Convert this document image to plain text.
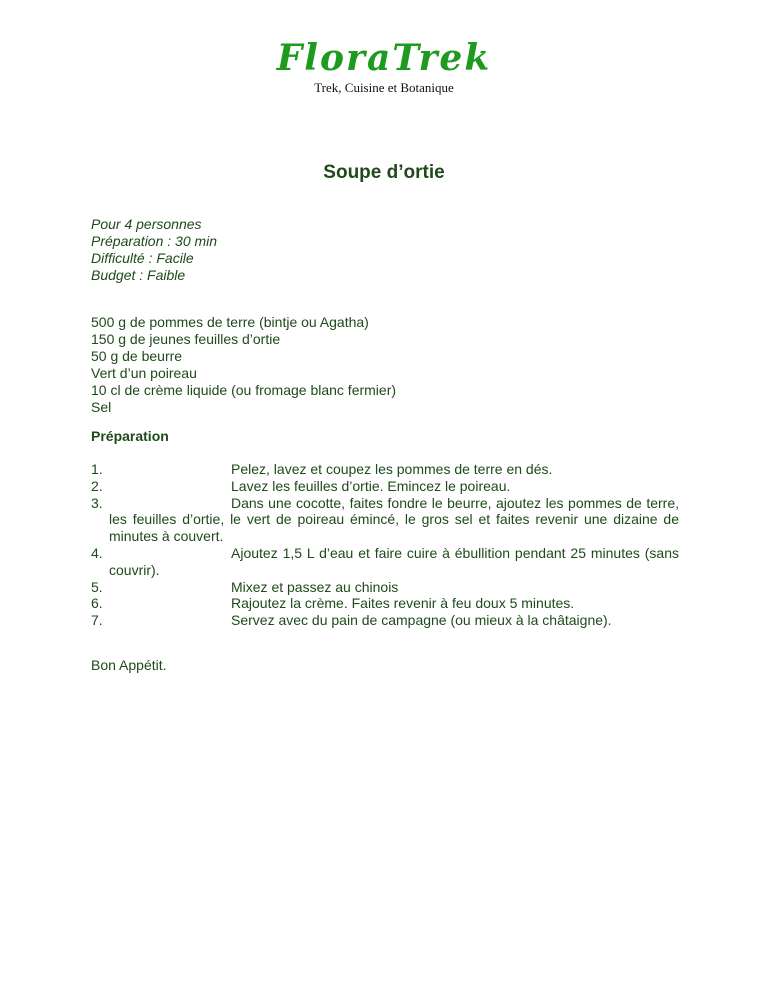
FloraTrek
Trek, Cuisine et Botanique
Soupe d’ortie
Pour 4 personnes
Préparation : 30 min
Difficulté : Facile
Budget : Faible
500 g de pommes de terre (bintje ou Agatha)
150 g de jeunes feuilles d’ortie
50 g de beurre
Vert d’un poireau
10 cl de crème liquide (ou fromage blanc fermier)
Sel
Préparation
1.	Pelez, lavez et coupez les pommes de terre en dés.
2.	Lavez les feuilles d’ortie. Emincez le poireau.
3.	Dans une cocotte, faites fondre le beurre, ajoutez les pommes de terre, les feuilles d’ortie, le vert de poireau émincé, le gros sel et faites revenir une dizaine de minutes à couvert.
4.	Ajoutez 1,5 L d’eau et faire cuire à ébullition pendant 25 minutes (sans couvrir).
5.	Mixez et passez au chinois
6.	Rajoutez la crème. Faites revenir à feu doux 5 minutes.
7.	Servez avec du pain de campagne (ou mieux à la châtaigne).
Bon Appétit.
